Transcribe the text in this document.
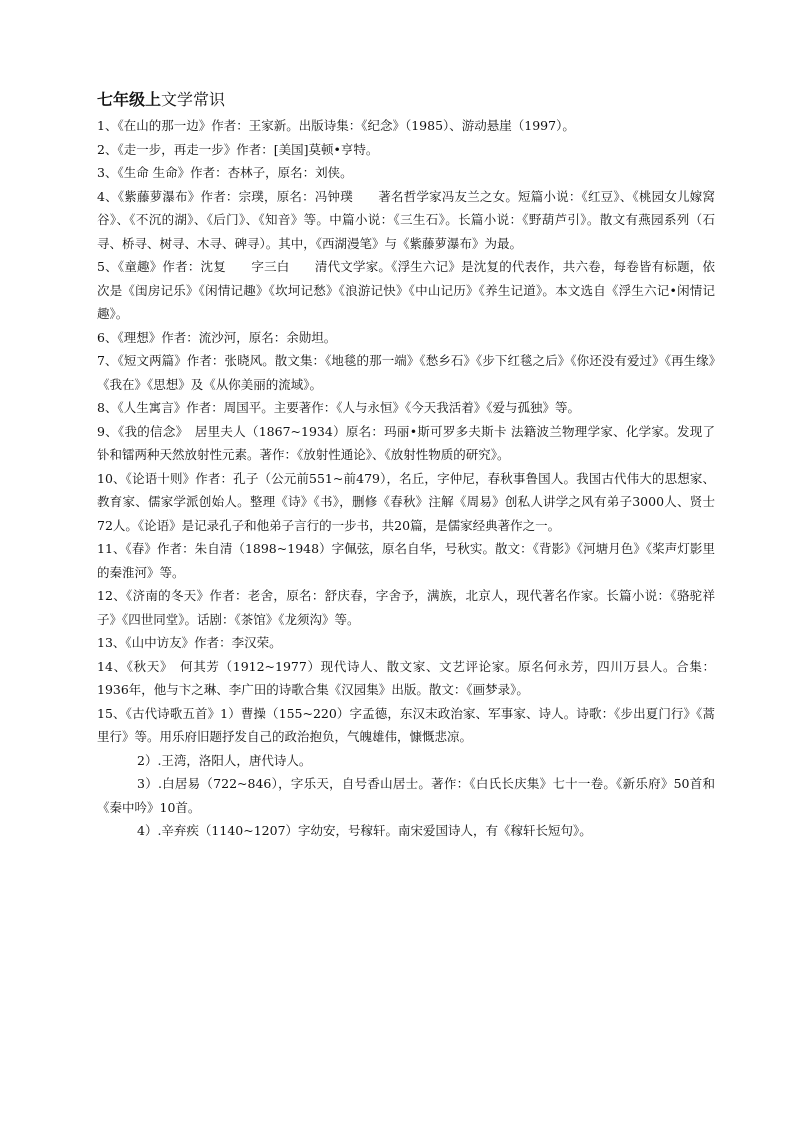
七年级上文学常识

1、《在山的那一边》作者：王家新。出版诗集：《纪念》（1985）、游动悬崖（1997）。

2、《走一步，再走一步》作者：[美国]莫顿•亨特。

3、《生命 生命》作者：杏林子，原名：刘侠。

4、《紫藤萝瀑布》作者：宗璞，原名：冯钟璞　　著名哲学家冯友兰之女。短篇小说：《红豆》、《桃园女儿嫁窝谷》、《不沉的湖》、《后门》、《知音》等。中篇小说：《三生石》。长篇小说：《野葫芦引》。散文有燕园系列（石寻、桥寻、树寻、木寻、碑寻）。其中，《西湖漫笔》与《紫藤萝瀑布》为最。

5、《童趣》作者：沈复　　字三白　　清代文学家。《浮生六记》是沈复的代表作，共六卷，每卷皆有标题，依次是《闺房记乐》《闲情记趣》《坎坷记愁》《浪游记快》《中山记历》《养生记道》。本文选自《浮生六记•闲情记趣》。

6、《理想》作者：流沙河，原名：余勋坦。

7、《短文两篇》作者：张晓风。散文集：《地毯的那一端》《愁乡石》《步下红毯之后》《你还没有爱过》《再生缘》《我在》《思想》及《从你美丽的流域》。

8、《人生寓言》作者：周国平。主要著作：《人与永恒》《今天我活着》《爱与孤独》等。

9、《我的信念》　居里夫人（1867~1934）原名：玛丽•斯可罗多夫斯卡 法籍波兰物理学家、化学家。发现了钋和镭两种天然放射性元素。著作：《放射性通论》、《放射性物质的研究》。

10、《论语十则》作者：孔子（公元前551~前479），名丘，字仲尼，春秋事鲁国人。我国古代伟大的思想家、教育家、儒家学派创始人。整理《诗》《书》，删修《春秋》注解《周易》创私人讲学之风有弟子3000人、贤士72人。《论语》是记录孔子和他弟子言行的一步书，共20篇，是儒家经典著作之一。

11、《春》作者：朱自清（1898~1948）字佩弦，原名自华，号秋实。散文：《背影》《河塘月色》《桨声灯影里的秦淮河》等。

12、《济南的冬天》作者：老舍，原名：舒庆春，字舍予，满族，北京人，现代著名作家。长篇小说：《骆驼祥子》《四世同堂》。话剧：《茶馆》《龙须沟》等。

13、《山中访友》作者：李汉荣。

14、《秋天》　何其芳（1912~1977）现代诗人、散文家、文艺评论家。原名何永芳，四川万县人。合集：1936年，他与卞之琳、李广田的诗歌合集《汉园集》出版。散文：《画梦录》。

15、《古代诗歌五首》1）曹操（155~220）字孟德，东汉末政治家、军事家、诗人。诗歌：《步出夏门行》《蒿里行》等。用乐府旧题抒发自己的政治抱负，气魄雄伟，慷慨悲凉。

2）.王湾，洛阳人，唐代诗人。

3）.白居易（722~846），字乐天，自号香山居士。著作：《白氏长庆集》七十一卷。《新乐府》50首和《秦中吟》10首。

4）.辛弃疾（1140~1207）字幼安，号稼轩。南宋爱国诗人，有《稼轩长短句》。
